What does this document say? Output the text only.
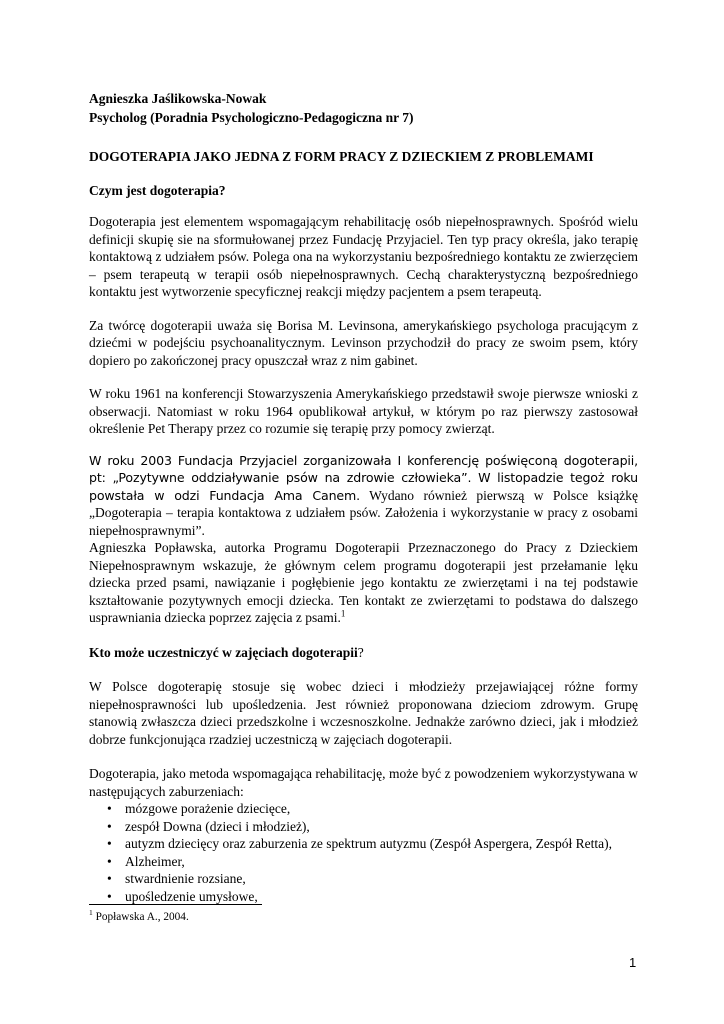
Agnieszka Jaślikowska-Nowak

Psycholog (Poradnia Psychologiczno-Pedagogiczna nr 7)

DOGOTERAPIA JAKO JEDNA Z FORM PRACY Z DZIECKIEM Z PROBLEMAMI

Czym jest dogoterapia?

Dogoterapia jest elementem wspomagającym rehabilitację osób niepełnosprawnych. Spośród wielu definicji skupię sie na sformułowanej przez Fundację Przyjaciel. Ten typ pracy określa, jako terapię kontaktową z udziałem psów. Polega ona na wykorzystaniu bezpośredniego kontaktu ze zwierzęciem – psem terapeutą w terapii osób niepełnosprawnych. Cechą charakterystyczną bezpośredniego kontaktu jest wytworzenie specyficznej reakcji między pacjentem a psem terapeutą.

Za twórcę dogoterapii uważa się Borisa M. Levinsona, amerykańskiego psychologa pracującym z dziećmi w podejściu psychoanalitycznym. Levinson przychodził do pracy ze swoim psem, który dopiero po zakończonej pracy opuszczał wraz z nim gabinet.

W roku 1961 na konferencji Stowarzyszenia Amerykańskiego przedstawił swoje pierwsze wnioski z obserwacji. Natomiast w roku 1964 opublikował artykuł, w którym po raz pierwszy zastosował określenie Pet Therapy przez co rozumie się terapię przy pomocy zwierząt.

W roku 2003 Fundacja Przyjaciel zorganizowała I konferencję poświęconą dogoterapii, pt: „Pozytywne oddziaływanie psów na zdrowie człowieka”. W listopadzie tegoż roku powstała w odzi Fundacja Ama Canem. Wydano również pierwszą w Polsce książkę „Dogoterapia – terapia kontaktowa z udziałem psów. Założenia i wykorzystanie w pracy z osobami niepełnosprawnymi”.

Agnieszka Popławska, autorka Programu Dogoterapii Przeznaczonego do Pracy z Dzieckiem Niepełnosprawnym wskazuje, że głównym celem programu dogoterapii jest przełamanie lęku dziecka przed psami, nawiązanie i pogłębienie jego kontaktu ze zwierzętami i na tej podstawie kształtowanie pozytywnych emocji dziecka. Ten kontakt ze zwierzętami to podstawa do dalszego usprawniania dziecka poprzez zajęcia z psami.$^1$

Kto może uczestniczyć w zajęciach dogoterapii?

W Polsce dogoterapię stosuje się wobec dzieci i młodzieży przejawiającej różne formy niepełnosprawności lub upośledzenia. Jest również proponowana dzieciom zdrowym. Grupę stanowią zwłaszcza dzieci przedszkolne i wczesnoszkolne. Jednakże zarówno dzieci, jak i młodzież dobrze funkcjonująca rzadziej uczestniczą w zajęciach dogoterapii.

Dogoterapia, jako metoda wspomagająca rehabilitację, może być z powodzeniem wykorzystywana w następujących zaburzeniach:

• mózgowe porażenie dziecięce,
• zespół Downa (dzieci i młodzież),
• autyzm dziecięcy oraz zaburzenia ze spektrum autyzmu (Zespół Aspergera, Zespół Retta),
• Alzheimer,
• stwardnienie rozsiane,
• upośledzenie umysłowe,

$^1$ Popławska A., 2004.

1
